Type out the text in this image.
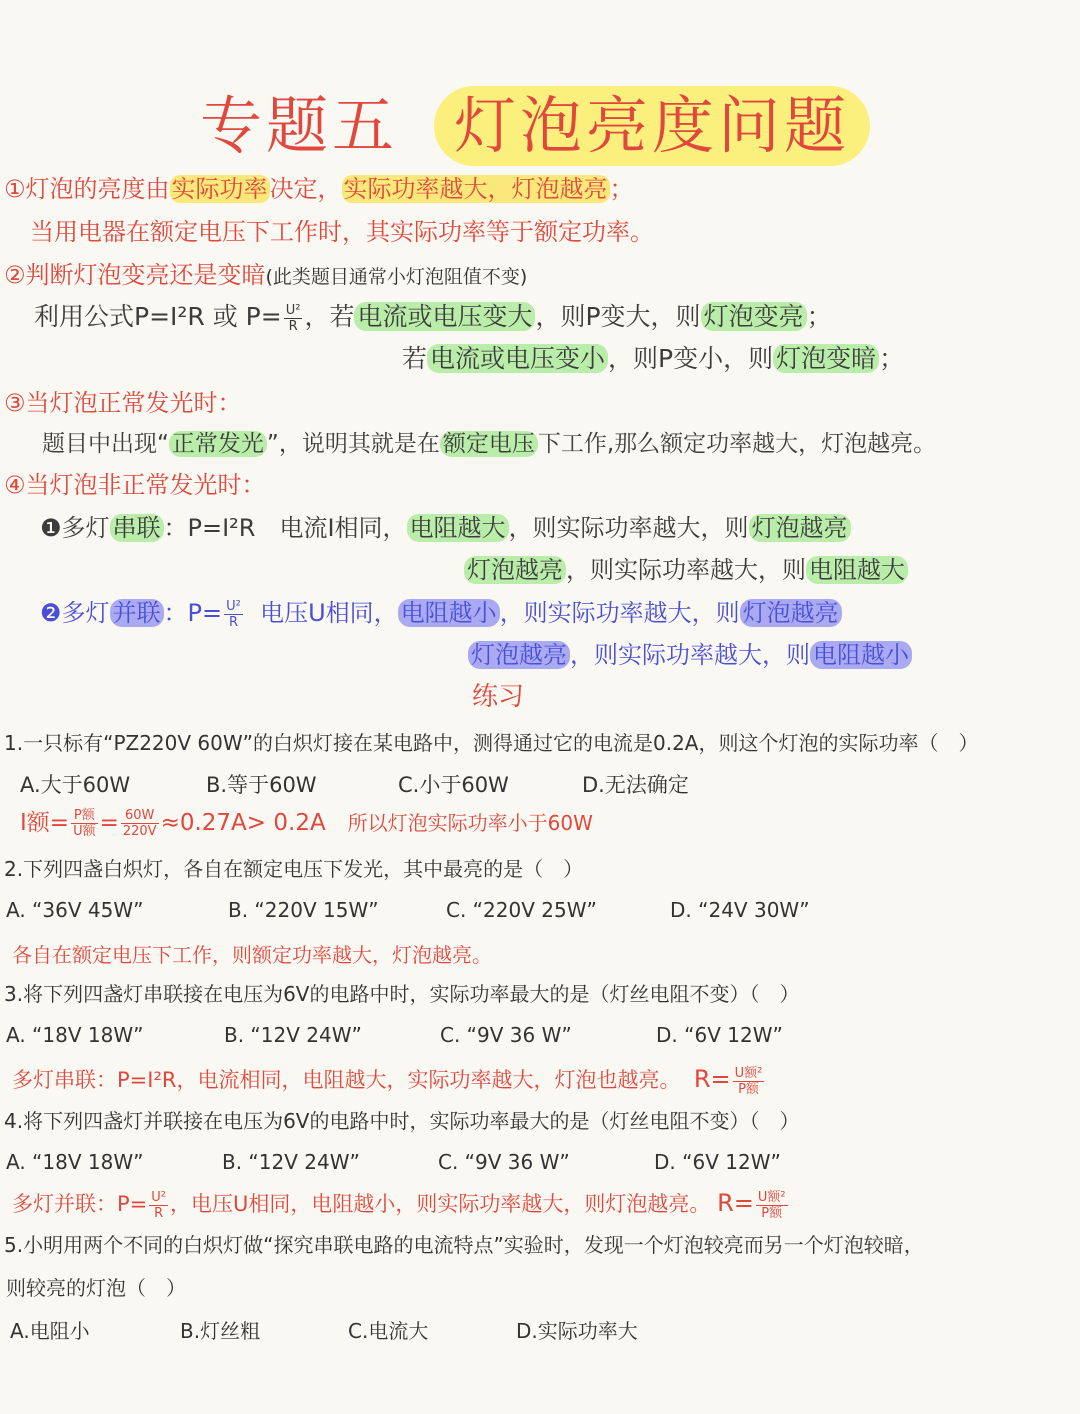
专题五 灯泡亮度问题
①灯泡的亮度由实际功率决定，实际功率越大，灯泡越亮；
当用电器在额定电压下工作时，其实际功率等于额定功率。
②判断灯泡变亮还是变暗(此类题目通常小灯泡阻值不变)
利用公式P=I²R 或 $P= \frac{\text{U²}}{R}$ ，若 电流或电压变大 ，则P变大，则 灯泡变亮 ；
若 电流或电压变小 ，则P变小，则 灯泡变暗 ；
③当灯泡正常发光时：
题目中出现“ 正常发光 ”，说明其就是在 额定电压 下工作,那么额定功率越大，灯泡越亮。
④当灯泡非正常发光时：
❶多灯 串联 ：P=I²R　电流I相同， 电阻越大 ，则实际功率越大，则 灯泡越亮
灯泡越亮 ，则实际功率越大，则 电阻越大
❷多灯 并联 ：$P= \frac{\text{U²}}{R}$ 电压U相同， 电阻越小 ，则实际功率越大，则 灯泡越亮
灯泡越亮 ，则实际功率越大，则 电阻越小
练习
1.一只标有“PZ220V 60W”的白炽灯接在某电路中，测得通过它的电流是0.2A，则这个灯泡的实际功率（　）
A.大于60W	B.等于60W	C.小于60W	D.无法确定
I额= $\frac{\text{P额}}{\text{U额}} = \frac{60W}{220V} \approx 0.27A> 0.2A$ 所以灯泡实际功率小于60W
2.下列四盏白炽灯，各自在额定电压下发光，其中最亮的是（　）
A. “36V 45W”	B. “220V 15W”	C. “220V 25W”	D. “24V 30W”
各自在额定电压下工作，则额定功率越大，灯泡越亮。
3.将下列四盏灯串联接在电压为6V的电路中时，实际功率最大的是（灯丝电阻不变）（　）
A. “18V 18W”	B. “12V 24W”	C. “9V 36 W”	D. “6V 12W”
多灯串联：P=I²R，电流相同，电阻越大，实际功率越大，灯泡也越亮。 $R= \frac{\text{U额²}}{\text{P额}}$
4.将下列四盏灯并联接在电压为6V的电路中时，实际功率最大的是（灯丝电阻不变）（　）
A. “18V 18W”	B. “12V 24W”	C. “9V 36 W”	D. “6V 12W”
多灯并联：$P= \frac{\text{U²}}{R}$ ，电压U相同，电阻越小，则实际功率越大，则灯泡越亮。 $R= \frac{\text{U额²}}{\text{P额}}$
5.小明用两个不同的白炽灯做“探究串联电路的电流特点”实验时，发现一个灯泡较亮而另一个灯泡较暗，
则较亮的灯泡（　）
A.电阻小	B.灯丝粗	C.电流大	D.实际功率大
